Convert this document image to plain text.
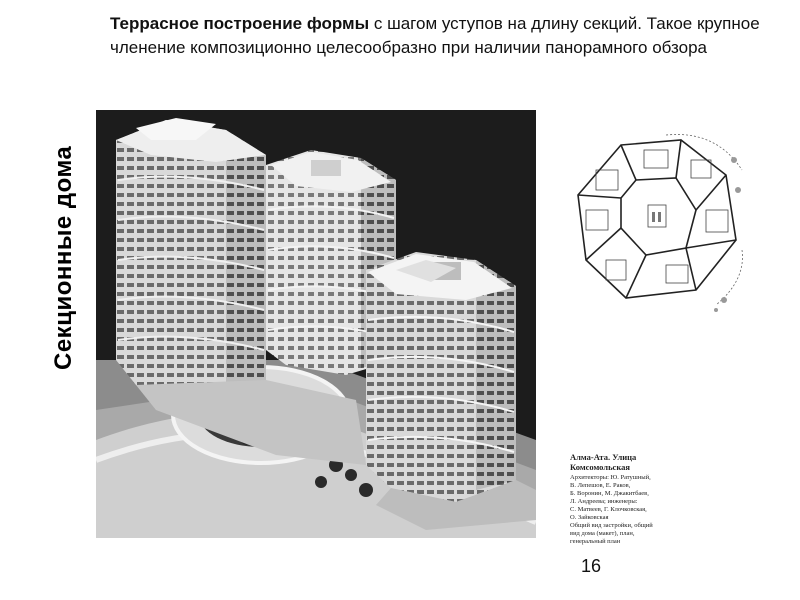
Террасное построение формы с шагом уступов на длину секций. Такое крупное членение композиционно целесообразно при наличии панорамного обзора
Секционные дома
Алма-Ата. Улица Комсомольская
Архитекторы: Ю. Ратушный,
В. Лепешов, Е. Раков,
Б. Воронин, М. Джакитбаев,
Л. Андреева; инженеры:
С. Матвеев, Г. Клочковская,
О. Зайковская
Общий вид застройки, общий
вид дома (макет), план,
генеральный план
16
